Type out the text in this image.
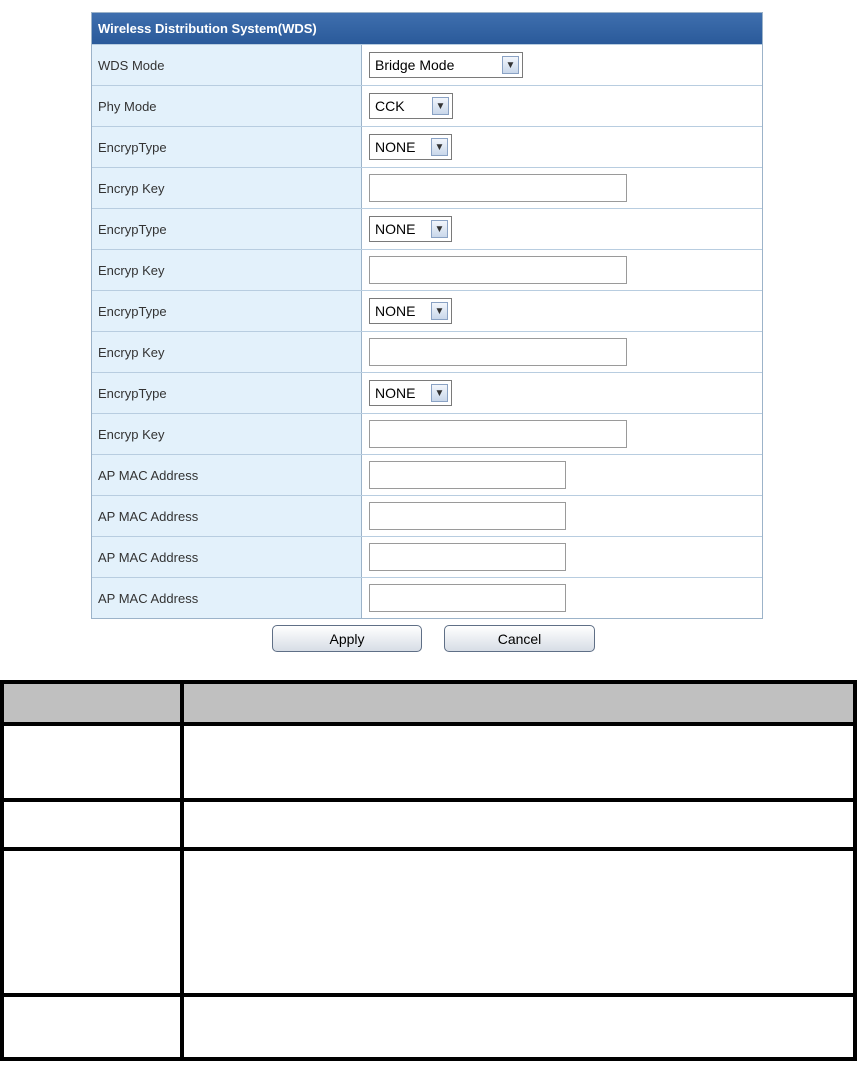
Wireless Distribution System(WDS)
WDS Mode	Bridge Mode	▼
Phy Mode	CCK	▼
EncrypType	NONE	▼
Encryp Key
EncrypType	NONE	▼
Encryp Key
EncrypType	NONE	▼
Encryp Key
EncrypType	NONE	▼
Encryp Key
AP MAC Address
AP MAC Address
AP MAC Address
AP MAC Address
Apply	Cancel
